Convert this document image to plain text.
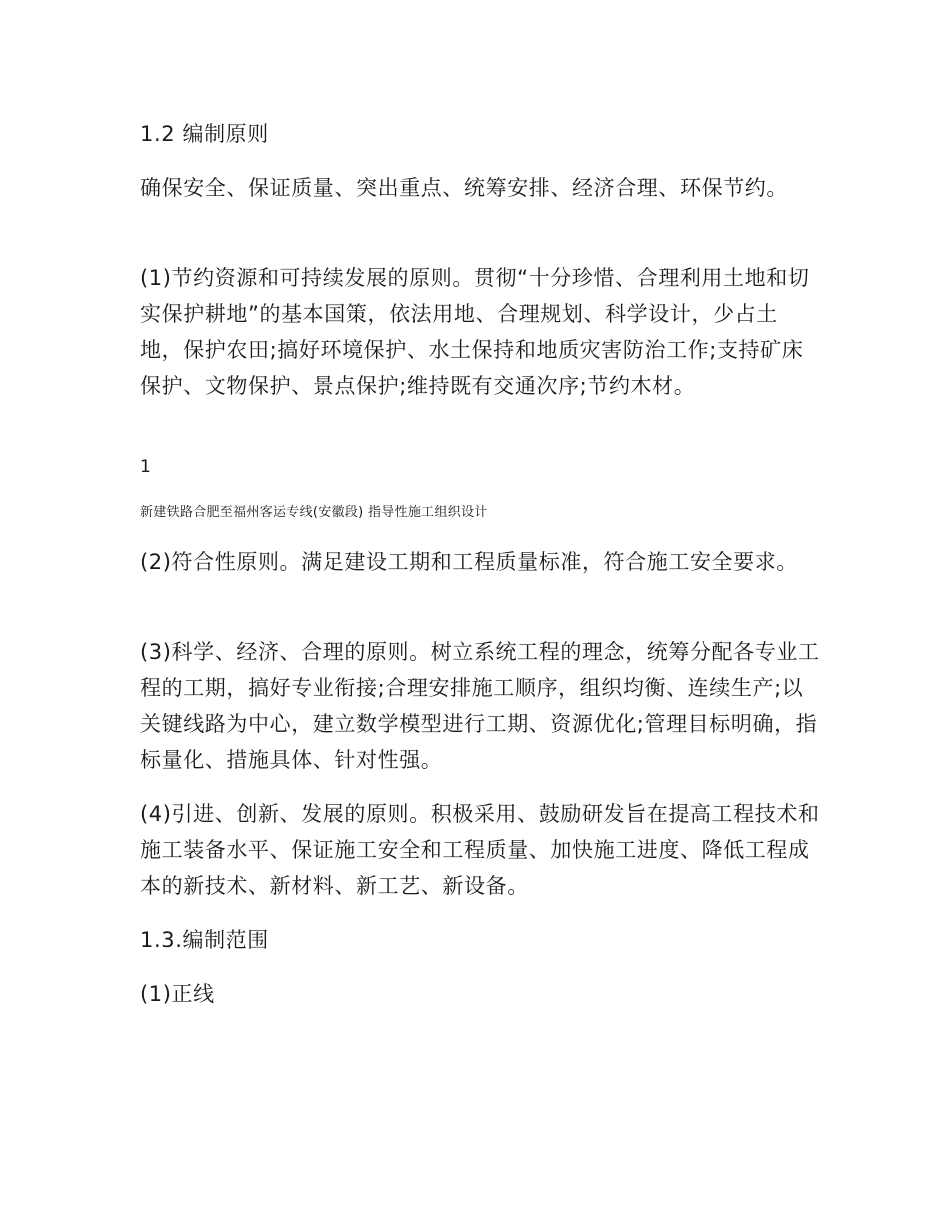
1.2 编制原则

确保安全、保证质量、突出重点、统筹安排、经济合理、环保节约。

(1)节约资源和可持续发展的原则。贯彻“十分珍惜、合理利用土地和切实保护耕地”的基本国策，依法用地、合理规划、科学设计，少占土地，保护农田;搞好环境保护、水土保持和地质灾害防治工作;支持矿床保护、文物保护、景点保护;维持既有交通次序;节约木材。

1
新建铁路合肥至福州客运专线(安徽段) 指导性施工组织设计

(2)符合性原则。满足建设工期和工程质量标准，符合施工安全要求。

(3)科学、经济、合理的原则。树立系统工程的理念，统筹分配各专业工程的工期，搞好专业衔接;合理安排施工顺序，组织均衡、连续生产;以关键线路为中心，建立数学模型进行工期、资源优化;管理目标明确，指标量化、措施具体、针对性强。

(4)引进、创新、发展的原则。积极采用、鼓励研发旨在提高工程技术和施工装备水平、保证施工安全和工程质量、加快施工进度、降低工程成本的新技术、新材料、新工艺、新设备。

1.3.编制范围

(1)正线
